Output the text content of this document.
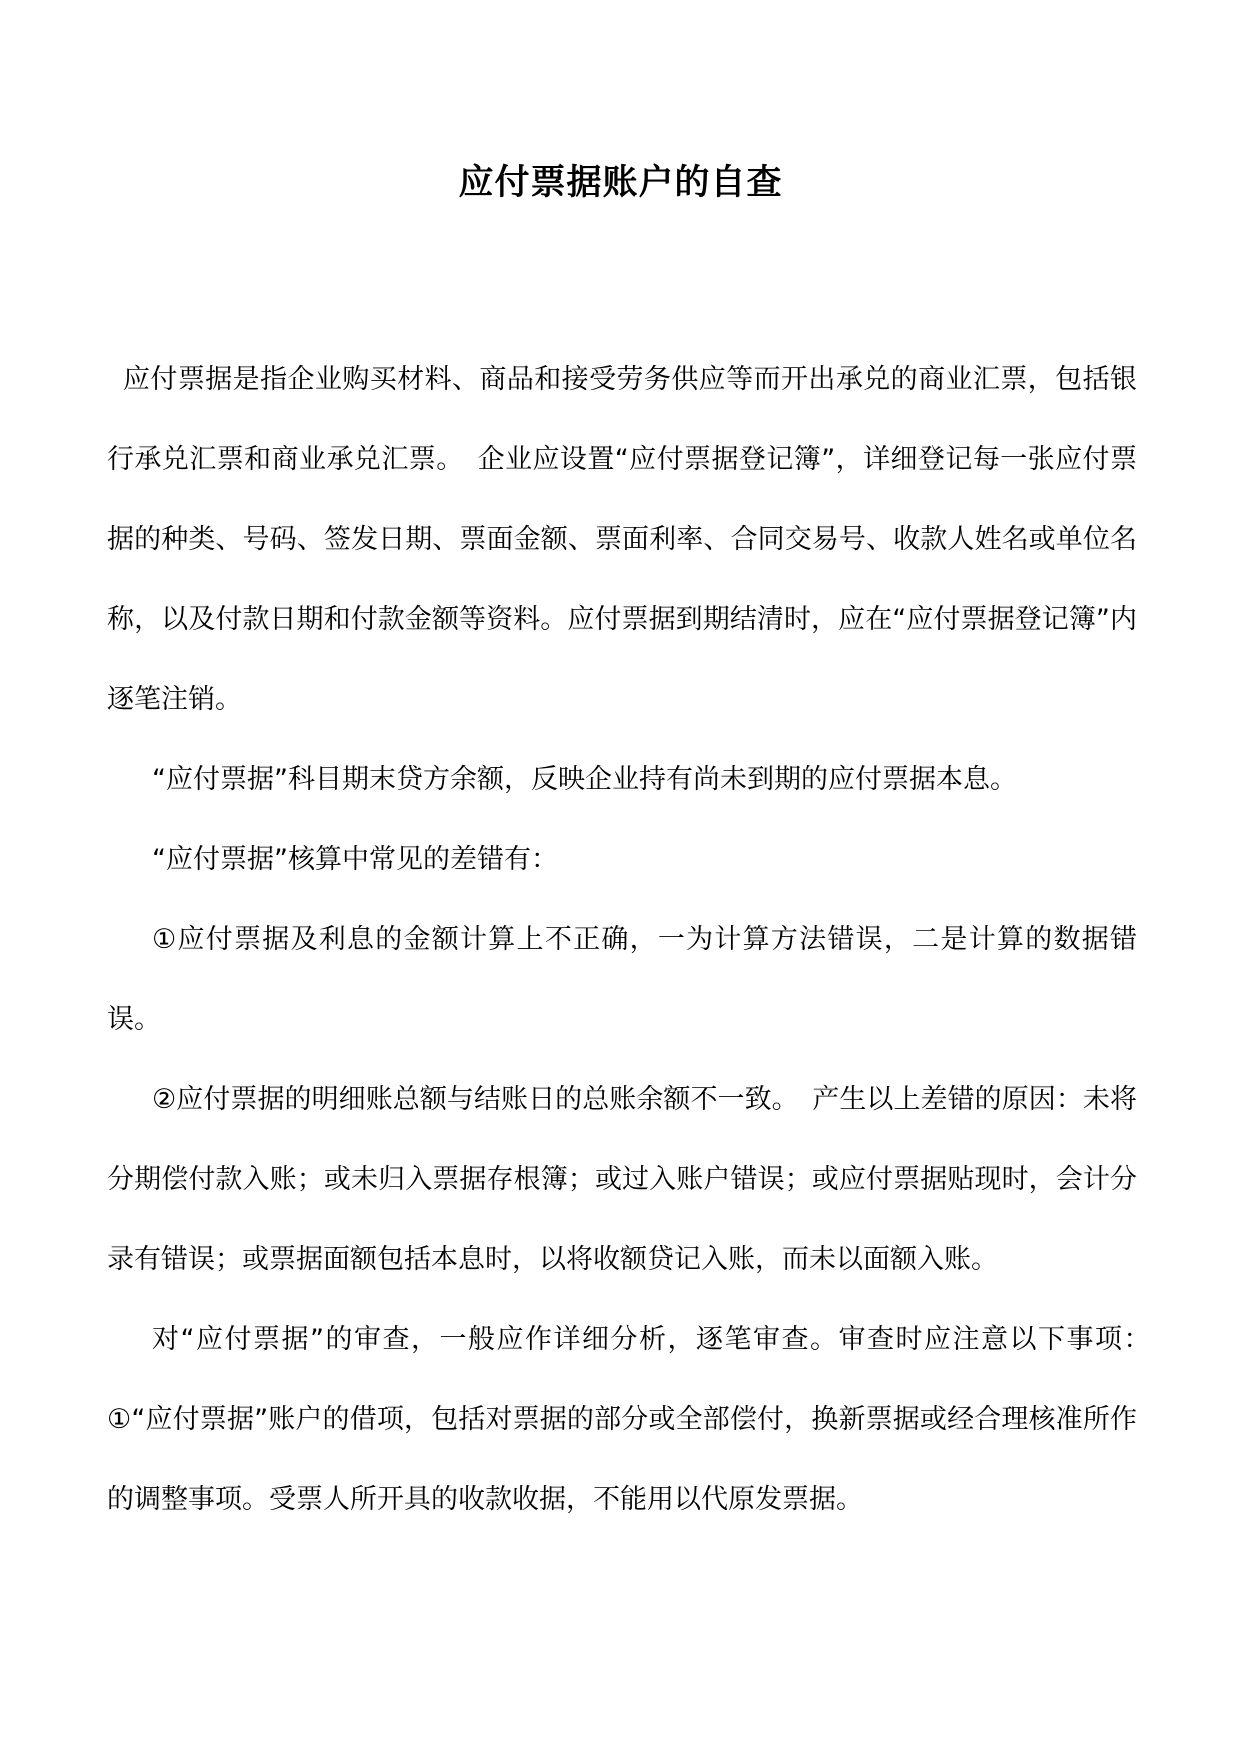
应付票据账户的自查

应付票据是指企业购买材料、商品和接受劳务供应等而开出承兑的商业汇票，包括银行承兑汇票和商业承兑汇票。　企业应设置“应付票据登记簿”，详细登记每一张应付票据的种类、号码、签发日期、票面金额、票面利率、合同交易号、收款人姓名或单位名称，以及付款日期和付款金额等资料。应付票据到期结清时，应在“应付票据登记簿”内逐笔注销。

“应付票据”科目期末贷方余额，反映企业持有尚未到期的应付票据本息。

“应付票据”核算中常见的差错有：

①应付票据及利息的金额计算上不正确，一为计算方法错误，二是计算的数据错误。

②应付票据的明细账总额与结账日的总账余额不一致。　产生以上差错的原因：未将分期偿付款入账；或未归入票据存根簿；或过入账户错误；或应付票据贴现时，会计分录有错误；或票据面额包括本息时，以将收额贷记入账，而未以面额入账。

对“应付票据”的审查，一般应作详细分析，逐笔审查。审查时应注意以下事项：　①“应付票据”账户的借项，包括对票据的部分或全部偿付，换新票据或经合理核准所作的调整事项。受票人所开具的收款收据，不能用以代原发票据。
